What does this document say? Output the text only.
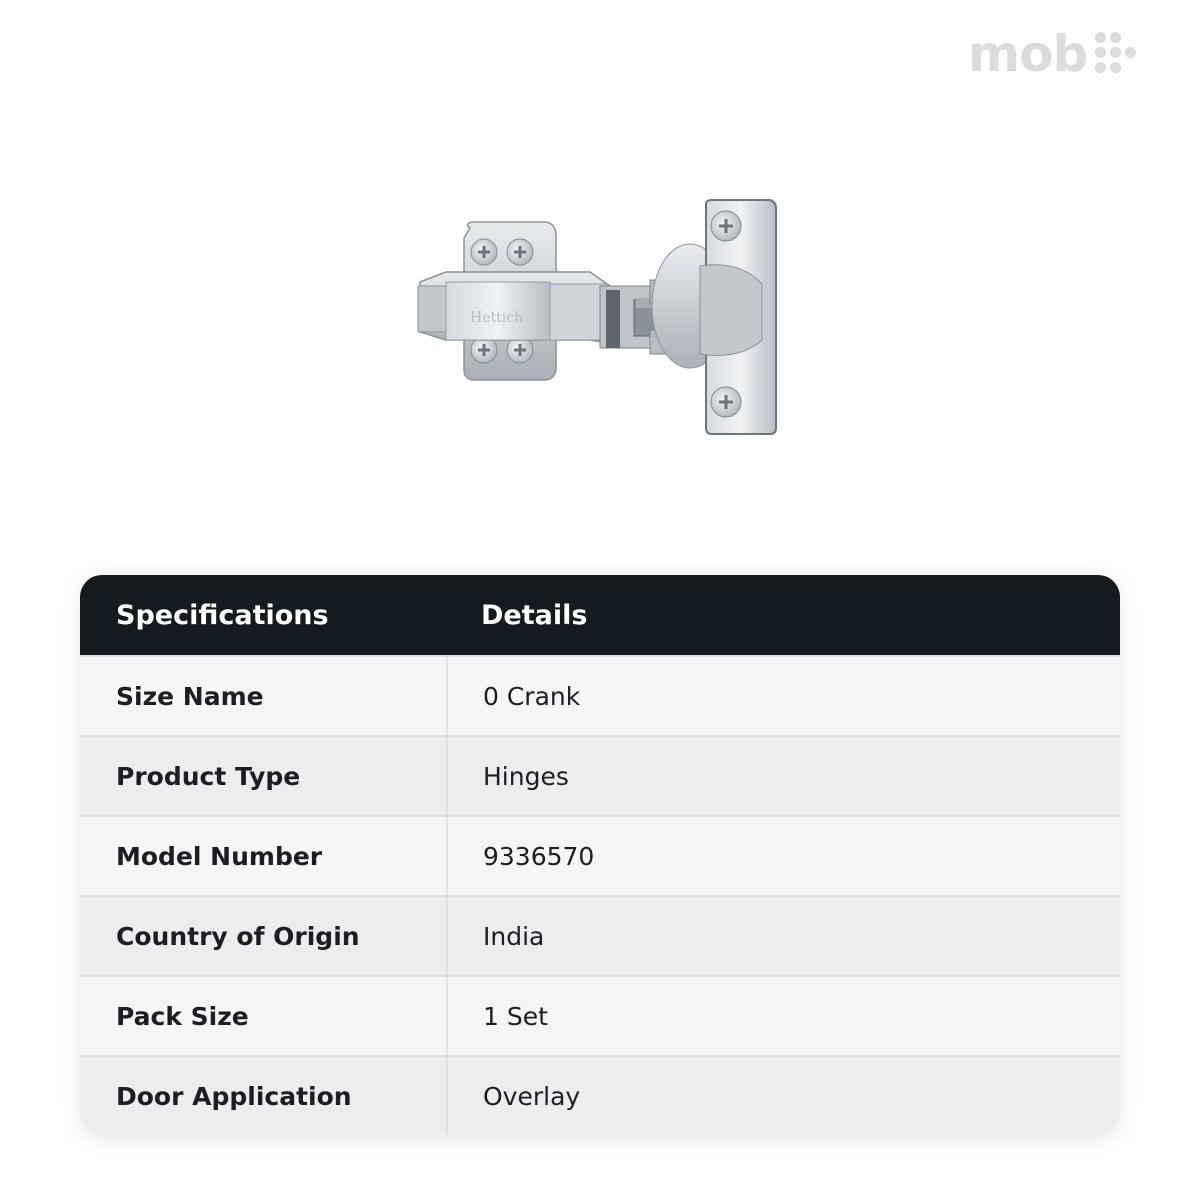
mob
Hettich
Specifications	Details
Size Name	0 Crank
Product Type	Hinges
Model Number	9336570
Country of Origin	India
Pack Size	1 Set
Door Application	Overlay
